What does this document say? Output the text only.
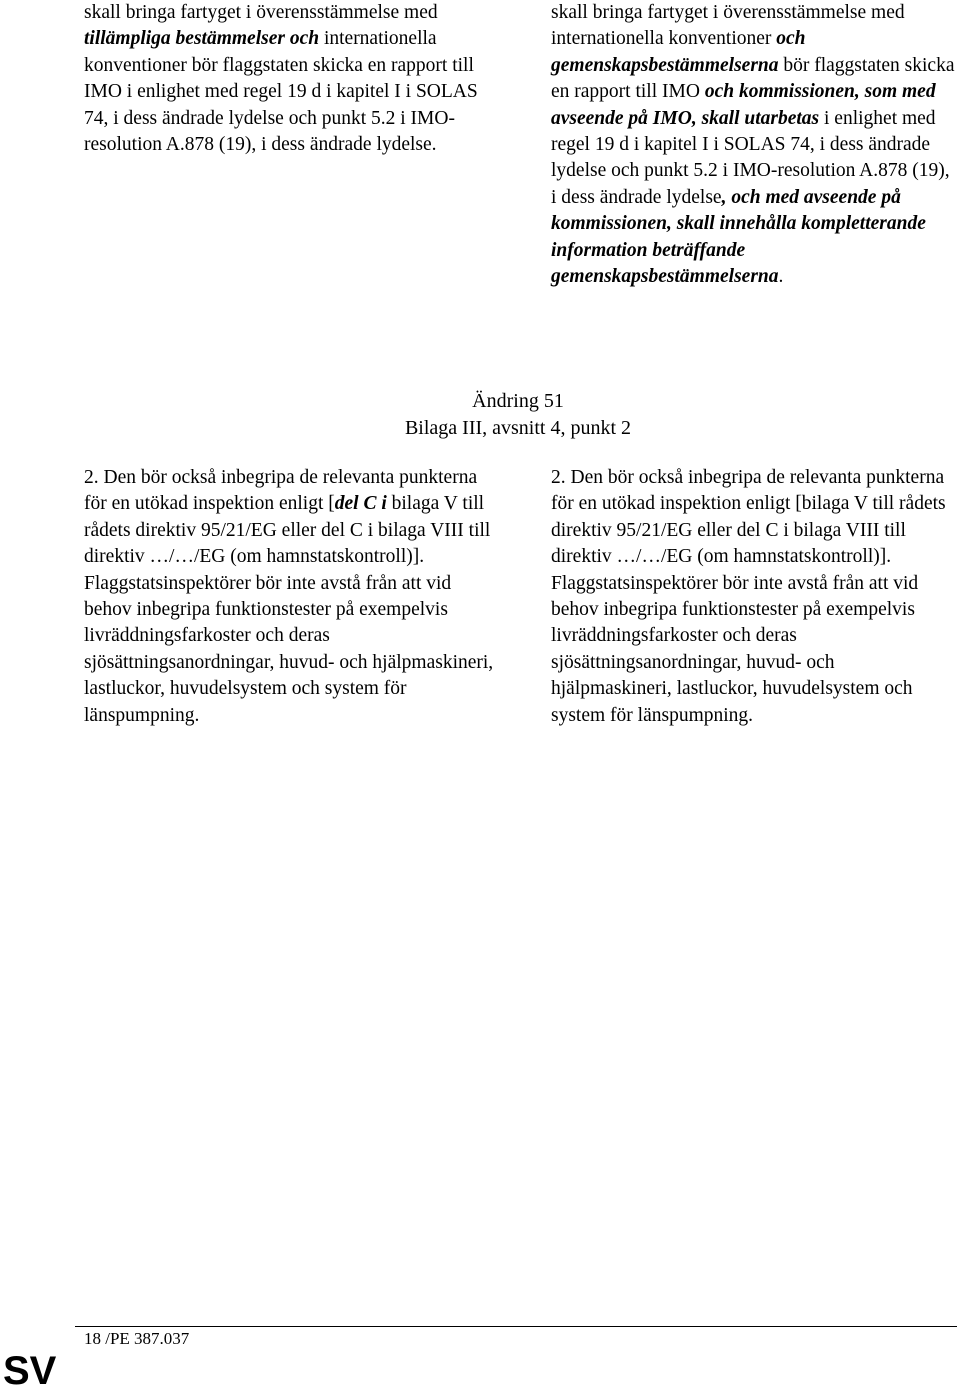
skall bringa fartyget i överensstämmelse med tillämpliga bestämmelser och internationella konventioner bör flaggstaten skicka en rapport till IMO i enlighet med regel 19 d i kapitel I i SOLAS 74, i dess ändrade lydelse och punkt 5.2 i IMO-resolution A.878 (19), i dess ändrade lydelse.

skall bringa fartyget i överensstämmelse med internationella konventioner och gemenskapsbestämmelserna bör flaggstaten skicka en rapport till IMO och kommissionen, som med avseende på IMO, skall utarbetas i enlighet med regel 19 d i kapitel I i SOLAS 74, i dess ändrade lydelse och punkt 5.2 i IMO-resolution A.878 (19), i dess ändrade lydelse, och med avseende på kommissionen, skall innehålla kompletterande information beträffande gemenskapsbestämmelserna.

Ändring 51
Bilaga III, avsnitt 4, punkt 2

2. Den bör också inbegripa de relevanta punkterna för en utökad inspektion enligt [del C i bilaga V till rådets direktiv 95/21/EG eller del C i bilaga VIII till direktiv …/…/EG (om hamnstatskontroll)]. Flaggstatsinspektörer bör inte avstå från att vid behov inbegripa funktionstester på exempelvis livräddningsfarkoster och deras sjösättningsanordningar, huvud- och hjälpmaskineri, lastluckor, huvudelsystem och system för länspumpning.

2. Den bör också inbegripa de relevanta punkterna för en utökad inspektion enligt [bilaga V till rådets direktiv 95/21/EG eller del C i bilaga VIII till direktiv …/…/EG (om hamnstatskontroll)].

Flaggstatsinspektörer bör inte avstå från att vid behov inbegripa funktionstester på exempelvis livräddningsfarkoster och deras sjösättningsanordningar, huvud- och hjälpmaskineri, lastluckor, huvudelsystem och system för länspumpning.

18 /PE 387.037
SV
